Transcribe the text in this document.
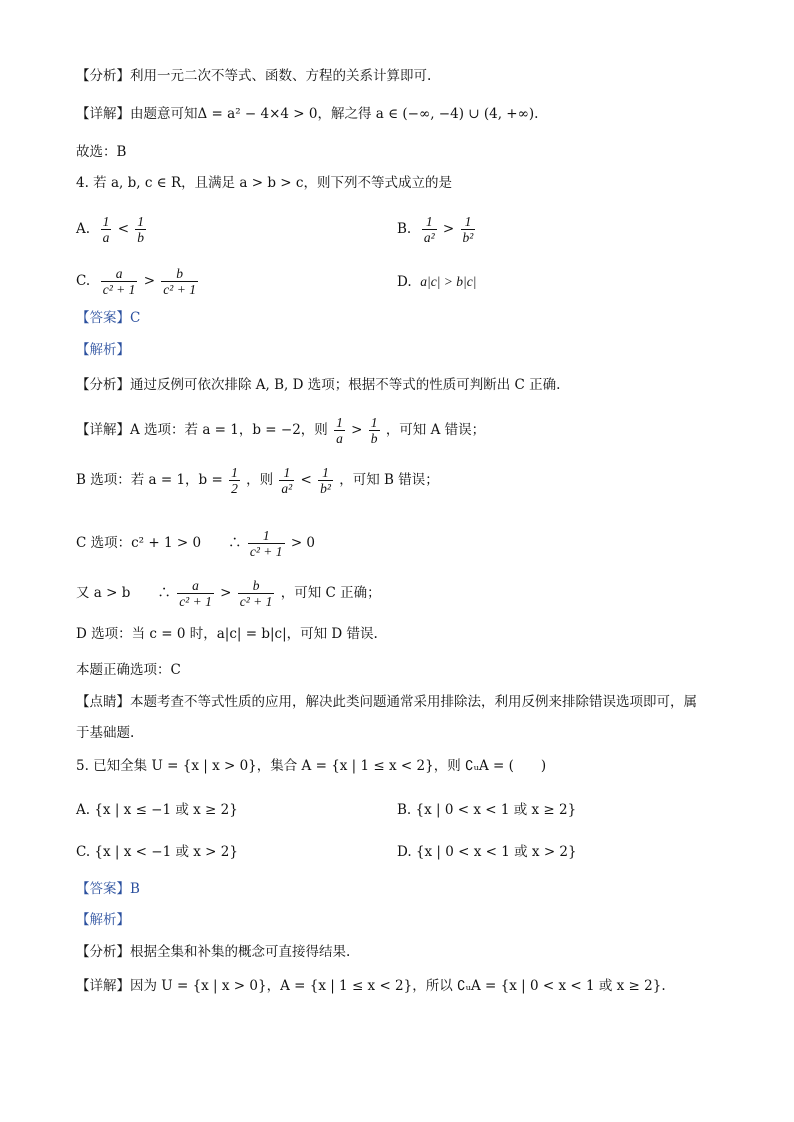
【分析】利用一元二次不等式、函数、方程的关系计算即可.
【详解】由题意可知Δ = a² − 4×4 > 0，解之得 a ∈ (−∞, −4) ∪ (4, +∞).
故选：B
4. 若 a, b, c ∈ R，且满足 a > b > c，则下列不等式成立的是
A. $\frac{1}{a} < \frac{1}{b}$	B. $\frac{1}{\text{a²}} > \frac{1}{\text{b²}}$
C. $\frac{a}{\text{c² + 1}} > \frac{b}{\text{c² + 1}}$	D. a|c| > b|c|
【答案】C
【解析】
【分析】通过反例可依次排除 A, B, D 选项；根据不等式的性质可判断出 C 正确.
【详解】A 选项：若 a = 1，b = −2，则 $\frac{1}{a} > \frac{1}{b}$ ，可知 A 错误；
B 选项：若 a = 1，$b = \frac{1}{2}$ ，则 $\frac{1}{\text{a²}} < \frac{1}{\text{b²}}$ ，可知 B 错误；
C 选项：c² + 1 > 0　　∴ $\frac{1}{\text{c² + 1}} > 0$
又 a > b　　∴ $\frac{a}{\text{c² + 1}} > \frac{b}{\text{c² + 1}}$ ，可知 C 正确；
D 选项：当 c = 0 时，a|c| = b|c|，可知 D 错误.
本题正确选项：C
【点睛】本题考查不等式性质的应用，解决此类问题通常采用排除法，利用反例来排除错误选项即可，属
于基础题.
5. 已知全集 U = {x | x > 0}，集合 A = {x | 1 ≤ x < 2}，则 ∁ᵤA = (　　)
A. {x | x ≤ −1 或 x ≥ 2}	B. {x | 0 < x < 1 或 x ≥ 2}
C. {x | x < −1 或 x > 2}	D. {x | 0 < x < 1 或 x > 2}
【答案】B
【解析】
【分析】根据全集和补集的概念可直接得结果.
【详解】因为 U = {x | x > 0}，A = {x | 1 ≤ x < 2}，所以 ∁ᵤA = {x | 0 < x < 1 或 x ≥ 2}.
